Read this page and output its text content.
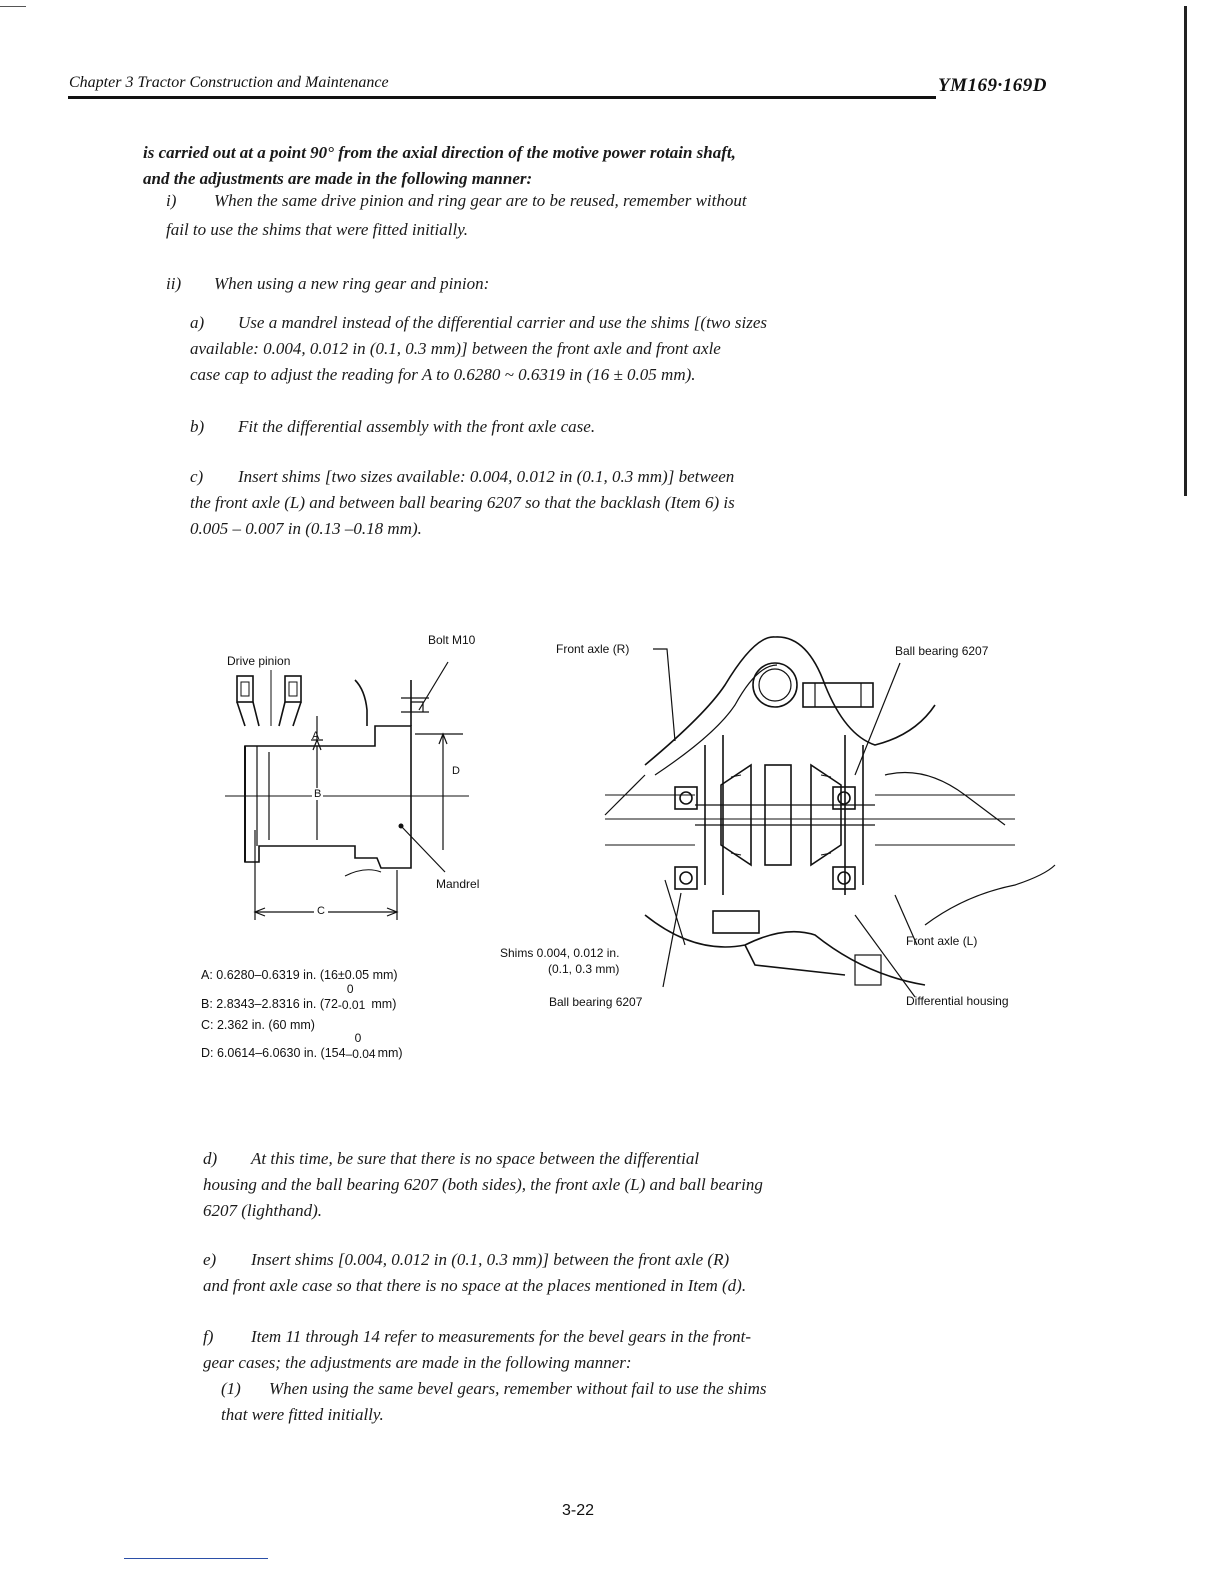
Chapter 3 Tractor Construction and Maintenance	YM169·169D
is carried out at a point 90° from the axial direction of the motive power rotain shaft,
and the adjustments are made in the following manner:
i) When the same drive pinion and ring gear are to be reused, remember without
fail to use the shims that were fitted initially.
ii) When using a new ring gear and pinion:
a) Use a mandrel instead of the differential carrier and use the shims [(two sizes
available: 0.004, 0.012 in (0.1, 0.3 mm)] between the front axle and front axle
case cap to adjust the reading for A to 0.6280 ~ 0.6319 in (16 ± 0.05 mm).
b) Fit the differential assembly with the front axle case.
c) Insert shims [two sizes available: 0.004, 0.012 in (0.1, 0.3 mm)] between
the front axle (L) and between ball bearing 6207 so that the backlash (Item 6) is
0.005 – 0.007 in (0.13 –0.18 mm).
Drive pinion
Bolt M10
Mandrel
A
B
C
D
A: 0.6280–0.6319 in. (16±0.05 mm)
B: 2.8343–2.8316 in. (72
0
-0.01 mm)
C: 2.362 in. (60 mm)
D: 6.0614–6.0630 in. (154
0
–0.04 mm)
Front axle (R)	Ball bearing 6207
Shims 0.004, 0.012 in.
(0.1, 0.3 mm)
Ball bearing 6207
Front axle (L)
Differential housing
d) At this time, be sure that there is no space between the differential
housing and the ball bearing 6207 (both sides), the front axle (L) and ball bearing
6207 (lighthand).
e) Insert shims [0.004, 0.012 in (0.1, 0.3 mm)] between the front axle (R)
and front axle case so that there is no space at the places mentioned in Item (d).
f) Item 11 through 14 refer to measurements for the bevel gears in the front-
gear cases; the adjustments are made in the following manner:
(1) When using the same bevel gears, remember without fail to use the shims
that were fitted initially.
3-22
